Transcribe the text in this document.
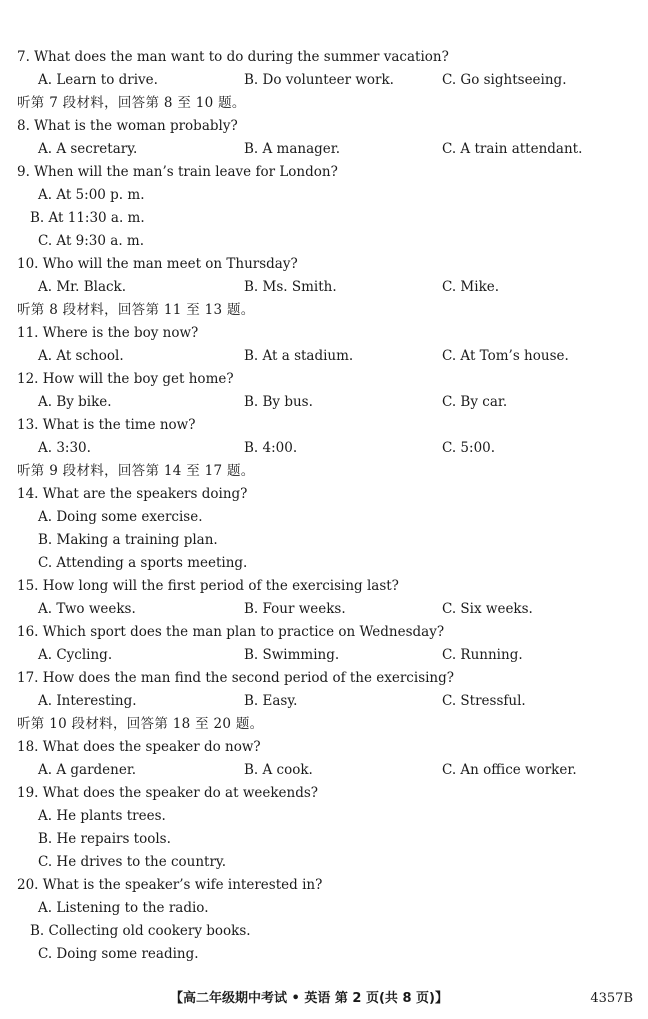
7. What does the man want to do during the summer vacation?
A. Learn to drive.	B. Do volunteer work.	C. Go sightseeing.
听第 7 段材料，回答第 8 至 10 题。
8. What is the woman probably?
A. A secretary.	B. A manager.	C. A train attendant.
9. When will the man’s train leave for London?
A. At 5:00 p. m.
B. At 11:30 a. m.
C. At 9:30 a. m.
10. Who will the man meet on Thursday?
A. Mr. Black.	B. Ms. Smith.	C. Mike.
听第 8 段材料，回答第 11 至 13 题。
11. Where is the boy now?
A. At school.	B. At a stadium.	C. At Tom’s house.
12. How will the boy get home?
A. By bike.	B. By bus.	C. By car.
13. What is the time now?
A. 3:30.	B. 4:00.	C. 5:00.
听第 9 段材料，回答第 14 至 17 题。
14. What are the speakers doing?
A. Doing some exercise.
B. Making a training plan.
C. Attending a sports meeting.
15. How long will the first period of the exercising last?
A. Two weeks.	B. Four weeks.	C. Six weeks.
16. Which sport does the man plan to practice on Wednesday?
A. Cycling.	B. Swimming.	C. Running.
17. How does the man find the second period of the exercising?
A. Interesting.	B. Easy.	C. Stressful.
听第 10 段材料，回答第 18 至 20 题。
18. What does the speaker do now?
A. A gardener.	B. A cook.	C. An office worker.
19. What does the speaker do at weekends?
A. He plants trees.
B. He repairs tools.
C. He drives to the country.
20. What is the speaker’s wife interested in?
A. Listening to the radio.
B. Collecting old cookery books.
C. Doing some reading.
【高二年级期中考试 • 英语 第 2 页(共 8 页)】	4357B
